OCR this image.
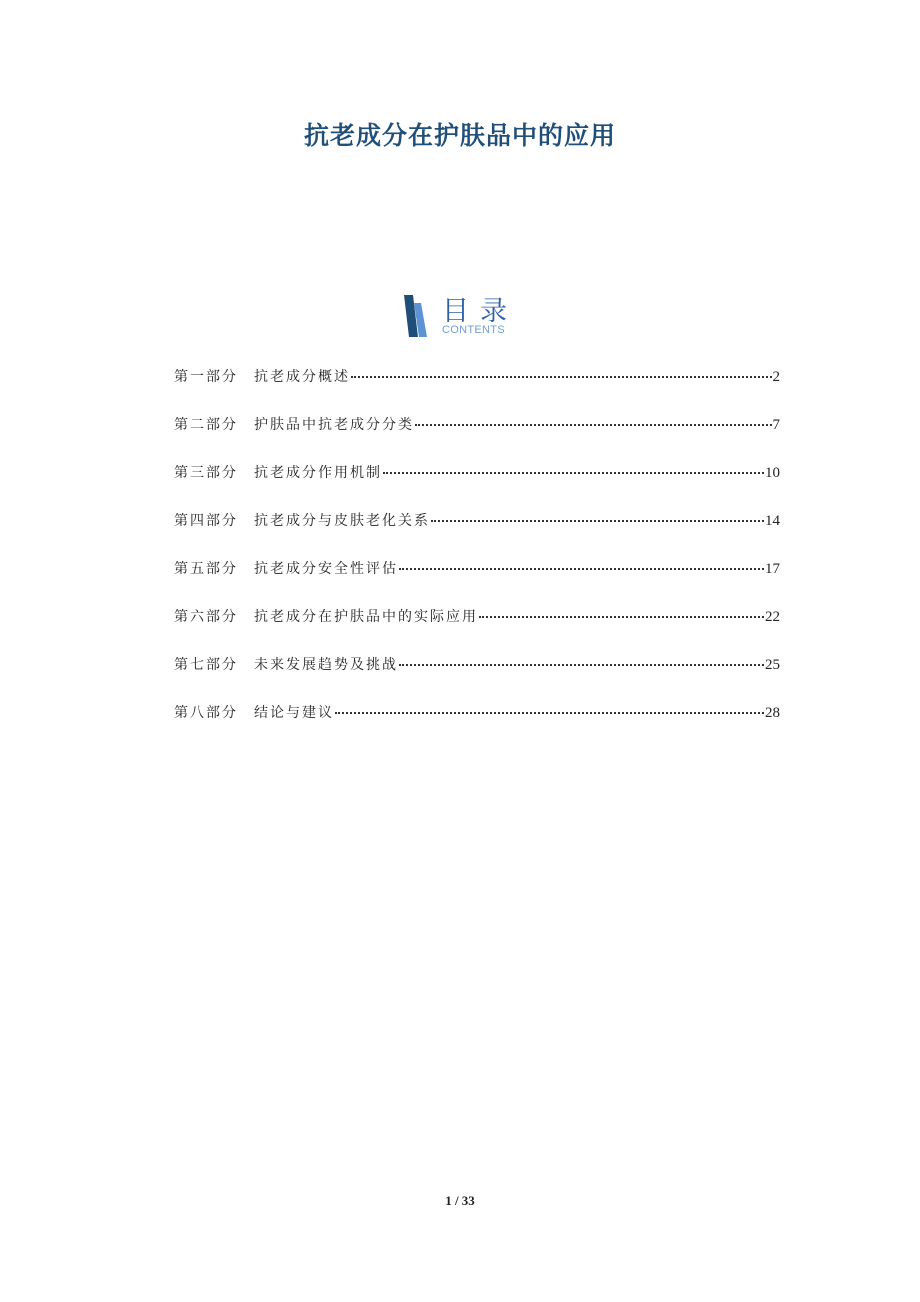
抗老成分在护肤品中的应用
目录
CONTENTS
第一部分	抗老成分概述	2
第二部分	护肤品中抗老成分分类	7
第三部分	抗老成分作用机制	10
第四部分	抗老成分与皮肤老化关系	14
第五部分	抗老成分安全性评估	17
第六部分	抗老成分在护肤品中的实际应用	22
第七部分	未来发展趋势及挑战	25
第八部分	结论与建议	28
1 / 33
